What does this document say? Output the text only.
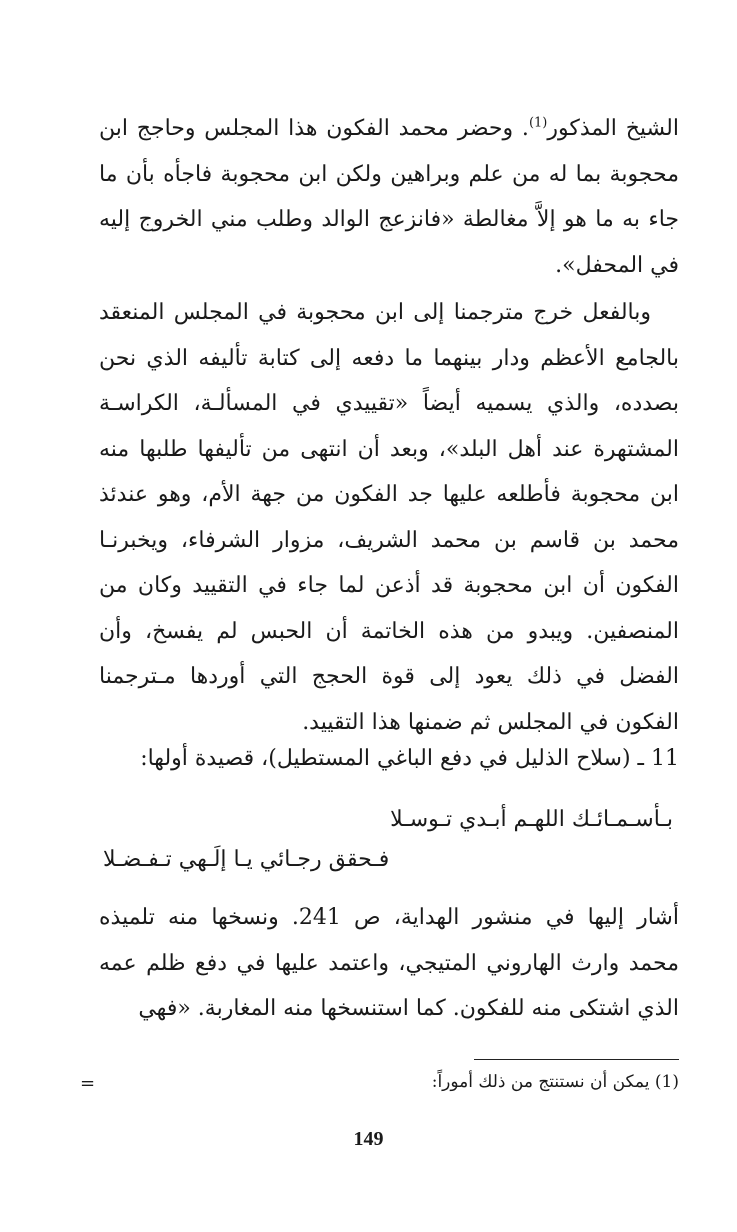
الشيخ المذكور$^{(1)}$. وحضر محمد الفكون هذا المجلس وحاجج ابن محجوبة بما له من علم وبراهين ولكن ابن محجوبة فاجأه بأن ما جاء به ما هو إلاَّ مغالطة «فانزعج الوالد وطلب مني الخروج إليه في المحفل».
وبالفعل خرج مترجمنا إلى ابن محجوبة في المجلس المنعقد بالجامع الأعظم ودار بينهما ما دفعه إلى كتابة تأليفه الذي نحن بصدده، والذي يسميه أيضاً «تقييدي في المسألـة، الكراسـة المشتهرة عند أهل البلد»، وبعد أن انتهى من تأليفها طلبها منه ابن محجوبة فأطلعه عليها جد الفكون من جهة الأم، وهو عندئذ محمد بن قاسم بن محمد الشريف، مزوار الشرفاء، ويخبرنـا الفكون أن ابن محجوبة قد أذعن لما جاء في التقييد وكان من المنصفين. ويبدو من هذه الخاتمة أن الحبس لم يفسخ، وأن الفضل في ذلك يعود إلى قوة الحجج التي أوردها مـترجمنا الفكون في المجلس ثم ضمنها هذا التقييد.
11 ـ (سلاح الذليل في دفع الباغي المستطيل)، قصيدة أولها:
بـأسـمـائـك اللهـم أبـدي تـوسـلا
فـحقق رجـائي يـا إلَـهي تـفـضـلا
أشار إليها في منشور الهداية، ص 241. ونسخها منه تلميذه محمد وارث الهاروني المتيجي، واعتمد عليها في دفع ظلم عمه الذي اشتكى منه للفكون. كما استنسخها منه المغاربة. «فهي
(1) يمكن أن نستنتج من ذلك أموراً:
=
149
